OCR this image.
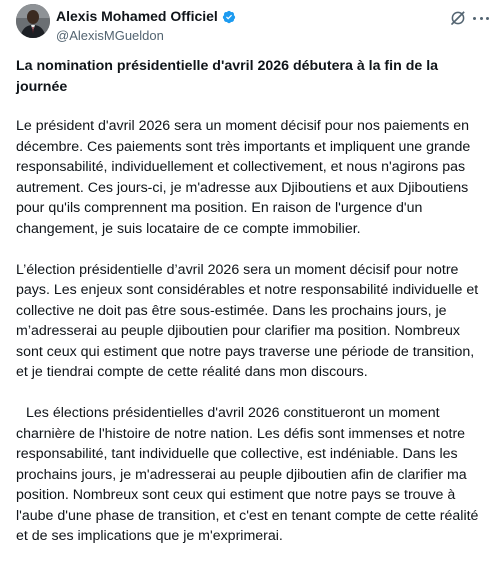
Alexis Mohamed Officiel
@AlexisMGueldon
La nomination présidentielle d'avril 2026 débutera à la fin de la journée

Le président d'avril 2026 sera un moment décisif pour nos paiements en décembre. Ces paiements sont très importants et impliquent une grande responsabilité, individuellement et collectivement, et nous n'agirons pas autrement. Ces jours-ci, je m'adresse aux Djiboutiens et aux Djiboutiens pour qu'ils comprennent ma position. En raison de l'urgence d'un changement, je suis locataire de ce compte immobilier.

L’élection présidentielle d’avril 2026 sera un moment décisif pour notre pays. Les enjeux sont considérables et notre responsabilité individuelle et collective ne doit pas être sous-estimée. Dans les prochains jours, je m’adresserai au peuple djiboutien pour clarifier ma position. Nombreux sont ceux qui estiment que notre pays traverse une période de transition, et je tiendrai compte de cette réalité dans mon discours.

Les élections présidentielles d'avril 2026 constitueront un moment charnière de l'histoire de notre nation. Les défis sont immenses et notre responsabilité, tant individuelle que collective, est indéniable. Dans les prochains jours, je m'adresserai au peuple djiboutien afin de clarifier ma position. Nombreux sont ceux qui estiment que notre pays se trouve à l'aube d'une phase de transition, et c'est en tenant compte de cette réalité et de ses implications que je m'exprimerai.
